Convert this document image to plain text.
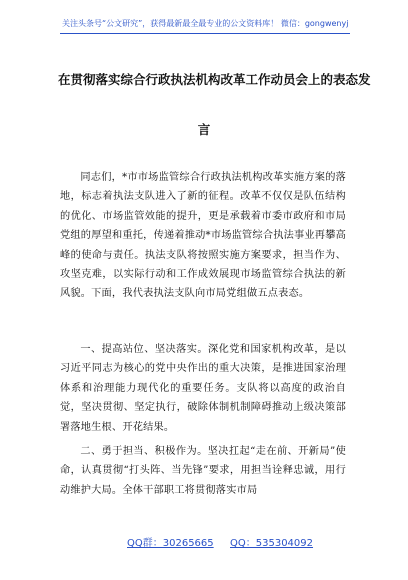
关注头条号“公文研究”，获得最新最全最专业的公文资料库！ 微信：gongwenyj
在贯彻落实综合行政执法机构改革工作动员会上的表态发
言
同志们，*市市场监管综合行政执法机构改革实施方案的落地，标志着执法支队进入了新的征程。改革不仅仅是队伍结构的优化、市场监管效能的提升，更是承载着市委市政府和市局党组的厚望和重托，传递着推动*市场监管综合执法事业再攀高峰的使命与责任。执法支队将按照实施方案要求，担当作为、攻坚克难，以实际行动和工作成效展现市场监管综合执法的新风貌。下面，我代表执法支队向市局党组做五点表态。
一、提高站位、坚决落实。深化党和国家机构改革，是以习近平同志为核心的党中央作出的重大决策，是推进国家治理体系和治理能力现代化的重要任务。支队将以高度的政治自觉，坚决贯彻、坚定执行，破除体制机制障碍推动上级决策部署落地生根、开花结果。
二、勇于担当、积极作为。坚决扛起“走在前、开新局”使命，认真贯彻“打头阵、当先锋”要求，用担当诠释忠诚，用行动维护大局。全体干部职工将贯彻落实市局
QQ群：30265665 QQ：535304092
